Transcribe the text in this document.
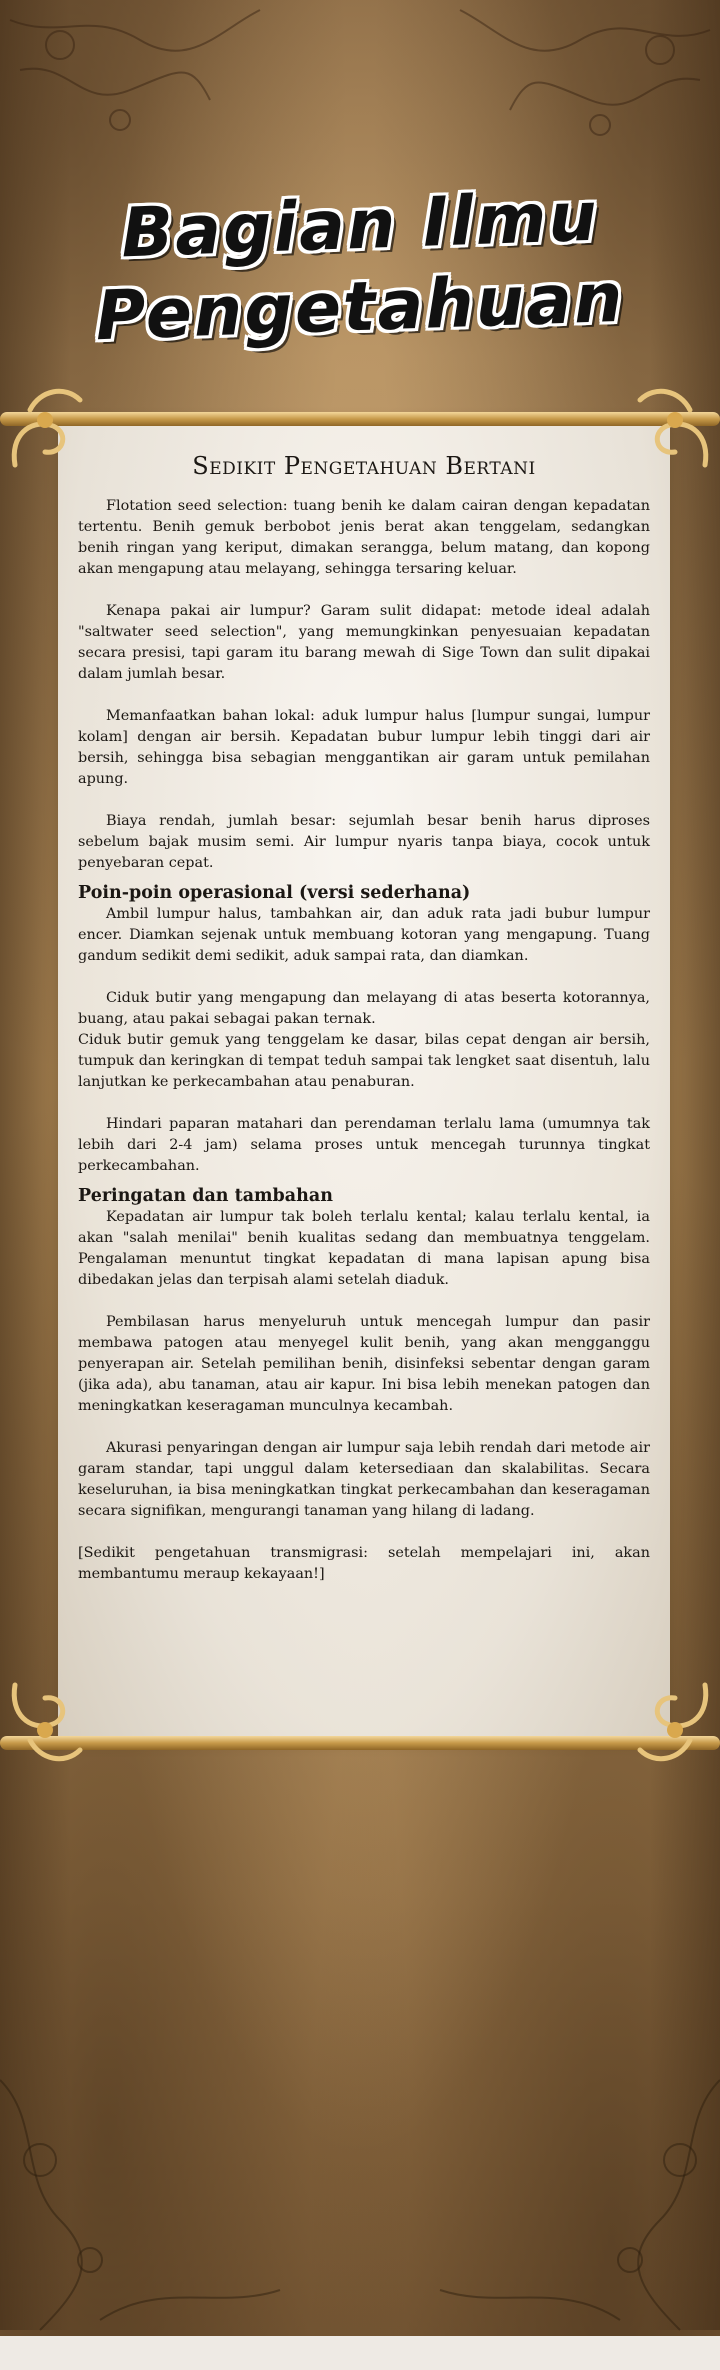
Bagian Ilmu
Pengetahuan
Sedikit Pengetahuan Bertani

Flotation seed selection: tuang benih ke dalam cairan dengan kepadatan tertentu. Benih gemuk berbobot jenis berat akan tenggelam, sedangkan benih ringan yang keriput, dimakan serangga, belum matang, dan kopong akan mengapung atau melayang, sehingga tersaring keluar.

Kenapa pakai air lumpur? Garam sulit didapat: metode ideal adalah "saltwater seed selection", yang memungkinkan penyesuaian kepadatan secara presisi, tapi garam itu barang mewah di Sige Town dan sulit dipakai dalam jumlah besar.

Memanfaatkan bahan lokal: aduk lumpur halus [lumpur sungai, lumpur kolam] dengan air bersih. Kepadatan bubur lumpur lebih tinggi dari air bersih, sehingga bisa sebagian menggantikan air garam untuk pemilahan apung.

Biaya rendah, jumlah besar: sejumlah besar benih harus diproses sebelum bajak musim semi. Air lumpur nyaris tanpa biaya, cocok untuk penyebaran cepat.

Poin-poin operasional (versi sederhana)

Ambil lumpur halus, tambahkan air, dan aduk rata jadi bubur lumpur encer. Diamkan sejenak untuk membuang kotoran yang mengapung. Tuang gandum sedikit demi sedikit, aduk sampai rata, dan diamkan.

Ciduk butir yang mengapung dan melayang di atas beserta kotorannya, buang, atau pakai sebagai pakan ternak.

Ciduk butir gemuk yang tenggelam ke dasar, bilas cepat dengan air bersih, tumpuk dan keringkan di tempat teduh sampai tak lengket saat disentuh, lalu lanjutkan ke perkecambahan atau penaburan.

Hindari paparan matahari dan perendaman terlalu lama (umumnya tak lebih dari 2-4 jam) selama proses untuk mencegah turunnya tingkat perkecambahan.

Peringatan dan tambahan

Kepadatan air lumpur tak boleh terlalu kental; kalau terlalu kental, ia akan "salah menilai" benih kualitas sedang dan membuatnya tenggelam. Pengalaman menuntut tingkat kepadatan di mana lapisan apung bisa dibedakan jelas dan terpisah alami setelah diaduk.

Pembilasan harus menyeluruh untuk mencegah lumpur dan pasir membawa patogen atau menyegel kulit benih, yang akan mengganggu penyerapan air. Setelah pemilihan benih, disinfeksi sebentar dengan garam (jika ada), abu tanaman, atau air kapur. Ini bisa lebih menekan patogen dan meningkatkan keseragaman munculnya kecambah.

Akurasi penyaringan dengan air lumpur saja lebih rendah dari metode air garam standar, tapi unggul dalam ketersediaan dan skalabilitas. Secara keseluruhan, ia bisa meningkatkan tingkat perkecambahan dan keseragaman secara signifikan, mengurangi tanaman yang hilang di ladang.

[Sedikit pengetahuan transmigrasi: setelah mempelajari ini, akan membantumu meraup kekayaan!]
